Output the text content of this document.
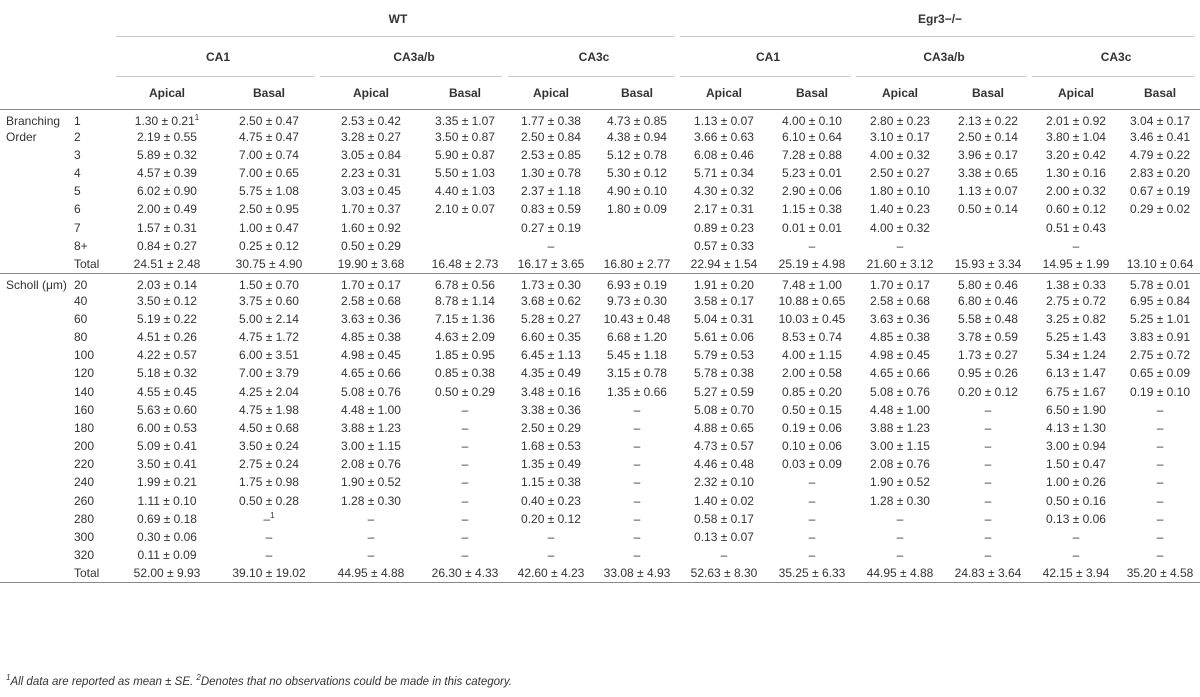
		WT						Egr3−/−					
		CA1		CA3a/b		CA3c		CA1		CA3a/b		CA3c	
		Apical	Basal	Apical	Basal	Apical	Basal	Apical	Basal	Apical	Basal	Apical	Basal
Branching	1	$1.30 \pm 0.21^1$	2.50 ± 0.47	2.53 ± 0.42	3.35 ± 1.07	1.77 ± 0.38	4.73 ± 0.85	1.13 ± 0.07	4.00 ± 0.10	2.80 ± 0.23	2.13 ± 0.22	2.01 ± 0.92	3.04 ± 0.17
Order	2	2.19 ± 0.55	4.75 ± 0.47	3.28 ± 0.27	3.50 ± 0.87	2.50 ± 0.84	4.38 ± 0.94	3.66 ± 0.63	6.10 ± 0.64	3.10 ± 0.17	2.50 ± 0.14	3.80 ± 1.04	3.46 ± 0.41
	3	5.89 ± 0.32	7.00 ± 0.74	3.05 ± 0.84	5.90 ± 0.87	2.53 ± 0.85	5.12 ± 0.78	6.08 ± 0.46	7.28 ± 0.88	4.00 ± 0.32	3.96 ± 0.17	3.20 ± 0.42	4.79 ± 0.22
	4	4.57 ± 0.39	7.00 ± 0.65	2.23 ± 0.31	5.50 ± 1.03	1.30 ± 0.78	5.30 ± 0.12	5.71 ± 0.34	5.23 ± 0.01	2.50 ± 0.27	3.38 ± 0.65	1.30 ± 0.16	2.83 ± 0.20
	5	6.02 ± 0.90	5.75 ± 1.08	3.03 ± 0.45	4.40 ± 1.03	2.37 ± 1.18	4.90 ± 0.10	4.30 ± 0.32	2.90 ± 0.06	1.80 ± 0.10	1.13 ± 0.07	2.00 ± 0.32	0.67 ± 0.19
	6	2.00 ± 0.49	2.50 ± 0.95	1.70 ± 0.37	2.10 ± 0.07	0.83 ± 0.59	1.80 ± 0.09	2.17 ± 0.31	1.15 ± 0.38	1.40 ± 0.23	0.50 ± 0.14	0.60 ± 0.12	0.29 ± 0.02
	7	1.57 ± 0.31	1.00 ± 0.47	1.60 ± 0.92		0.27 ± 0.19		0.89 ± 0.23	0.01 ± 0.01	4.00 ± 0.32		0.51 ± 0.43	
	8+	0.84 ± 0.27	0.25 ± 0.12	0.50 ± 0.29		–		0.57 ± 0.33	–	–		–	
	Total	24.51 ± 2.48	30.75 ± 4.90	19.90 ± 3.68	16.48 ± 2.73	16.17 ± 3.65	16.80 ± 2.77	22.94 ± 1.54	25.19 ± 4.98	21.60 ± 3.12	15.93 ± 3.34	14.95 ± 1.99	13.10 ± 0.64
Scholl (μm)	20	2.03 ± 0.14	1.50 ± 0.70	1.70 ± 0.17	6.78 ± 0.56	1.73 ± 0.30	6.93 ± 0.19	1.91 ± 0.20	7.48 ± 1.00	1.70 ± 0.17	5.80 ± 0.46	1.38 ± 0.33	5.78 ± 0.01
	40	3.50 ± 0.12	3.75 ± 0.60	2.58 ± 0.68	8.78 ± 1.14	3.68 ± 0.62	9.73 ± 0.30	3.58 ± 0.17	10.88 ± 0.65	2.58 ± 0.68	6.80 ± 0.46	2.75 ± 0.72	6.95 ± 0.84
	60	5.19 ± 0.22	5.00 ± 2.14	3.63 ± 0.36	7.15 ± 1.36	5.28 ± 0.27	10.43 ± 0.48	5.04 ± 0.31	10.03 ± 0.45	3.63 ± 0.36	5.58 ± 0.48	3.25 ± 0.82	5.25 ± 1.01
	80	4.51 ± 0.26	4.75 ± 1.72	4.85 ± 0.38	4.63 ± 2.09	6.60 ± 0.35	6.68 ± 1.20	5.61 ± 0.06	8.53 ± 0.74	4.85 ± 0.38	3.78 ± 0.59	5.25 ± 1.43	3.83 ± 0.91
	100	4.22 ± 0.57	6.00 ± 3.51	4.98 ± 0.45	1.85 ± 0.95	6.45 ± 1.13	5.45 ± 1.18	5.79 ± 0.53	4.00 ± 1.15	4.98 ± 0.45	1.73 ± 0.27	5.34 ± 1.24	2.75 ± 0.72
	120	5.18 ± 0.32	7.00 ± 3.79	4.65 ± 0.66	0.85 ± 0.38	4.35 ± 0.49	3.15 ± 0.78	5.78 ± 0.38	2.00 ± 0.58	4.65 ± 0.66	0.95 ± 0.26	6.13 ± 1.47	0.65 ± 0.09
	140	4.55 ± 0.45	4.25 ± 2.04	5.08 ± 0.76	0.50 ± 0.29	3.48 ± 0.16	1.35 ± 0.66	5.27 ± 0.59	0.85 ± 0.20	5.08 ± 0.76	0.20 ± 0.12	6.75 ± 1.67	0.19 ± 0.10
	160	5.63 ± 0.60	4.75 ± 1.98	4.48 ± 1.00	–	3.38 ± 0.36	–	5.08 ± 0.70	0.50 ± 0.15	4.48 ± 1.00	–	6.50 ± 1.90	–
	180	6.00 ± 0.53	4.50 ± 0.68	3.88 ± 1.23	–	2.50 ± 0.29	–	4.88 ± 0.65	0.19 ± 0.06	3.88 ± 1.23	–	4.13 ± 1.30	–
	200	5.09 ± 0.41	3.50 ± 0.24	3.00 ± 1.15	–	1.68 ± 0.53	–	4.73 ± 0.57	0.10 ± 0.06	3.00 ± 1.15	–	3.00 ± 0.94	–
	220	3.50 ± 0.41	2.75 ± 0.24	2.08 ± 0.76	–	1.35 ± 0.49	–	4.46 ± 0.48	0.03 ± 0.09	2.08 ± 0.76	–	1.50 ± 0.47	–
	240	1.99 ± 0.21	1.75 ± 0.98	1.90 ± 0.52	–	1.15 ± 0.38	–	2.32 ± 0.10	–	1.90 ± 0.52	–	1.00 ± 0.26	–
	260	1.11 ± 0.10	0.50 ± 0.28	1.28 ± 0.30	–	0.40 ± 0.23	–	1.40 ± 0.02	–	1.28 ± 0.30	–	0.50 ± 0.16	–
	280	0.69 ± 0.18	–$^1$	–	–	0.20 ± 0.12	–	0.58 ± 0.17	–	–	–	0.13 ± 0.06	–
	300	0.30 ± 0.06	–	–	–	–	–	0.13 ± 0.07	–	–	–	–	–
	320	0.11 ± 0.09	–	–	–	–	–	–	–	–	–	–	–
	Total	52.00 ± 9.93	39.10 ± 19.02	44.95 ± 4.88	26.30 ± 4.33	42.60 ± 4.23	33.08 ± 4.93	52.63 ± 8.30	35.25 ± 6.33	44.95 ± 4.88	24.83 ± 3.64	42.15 ± 3.94	35.20 ± 4.58
$^1$All data are reported as mean ± SE. $^2$Denotes that no observations could be made in this category.
